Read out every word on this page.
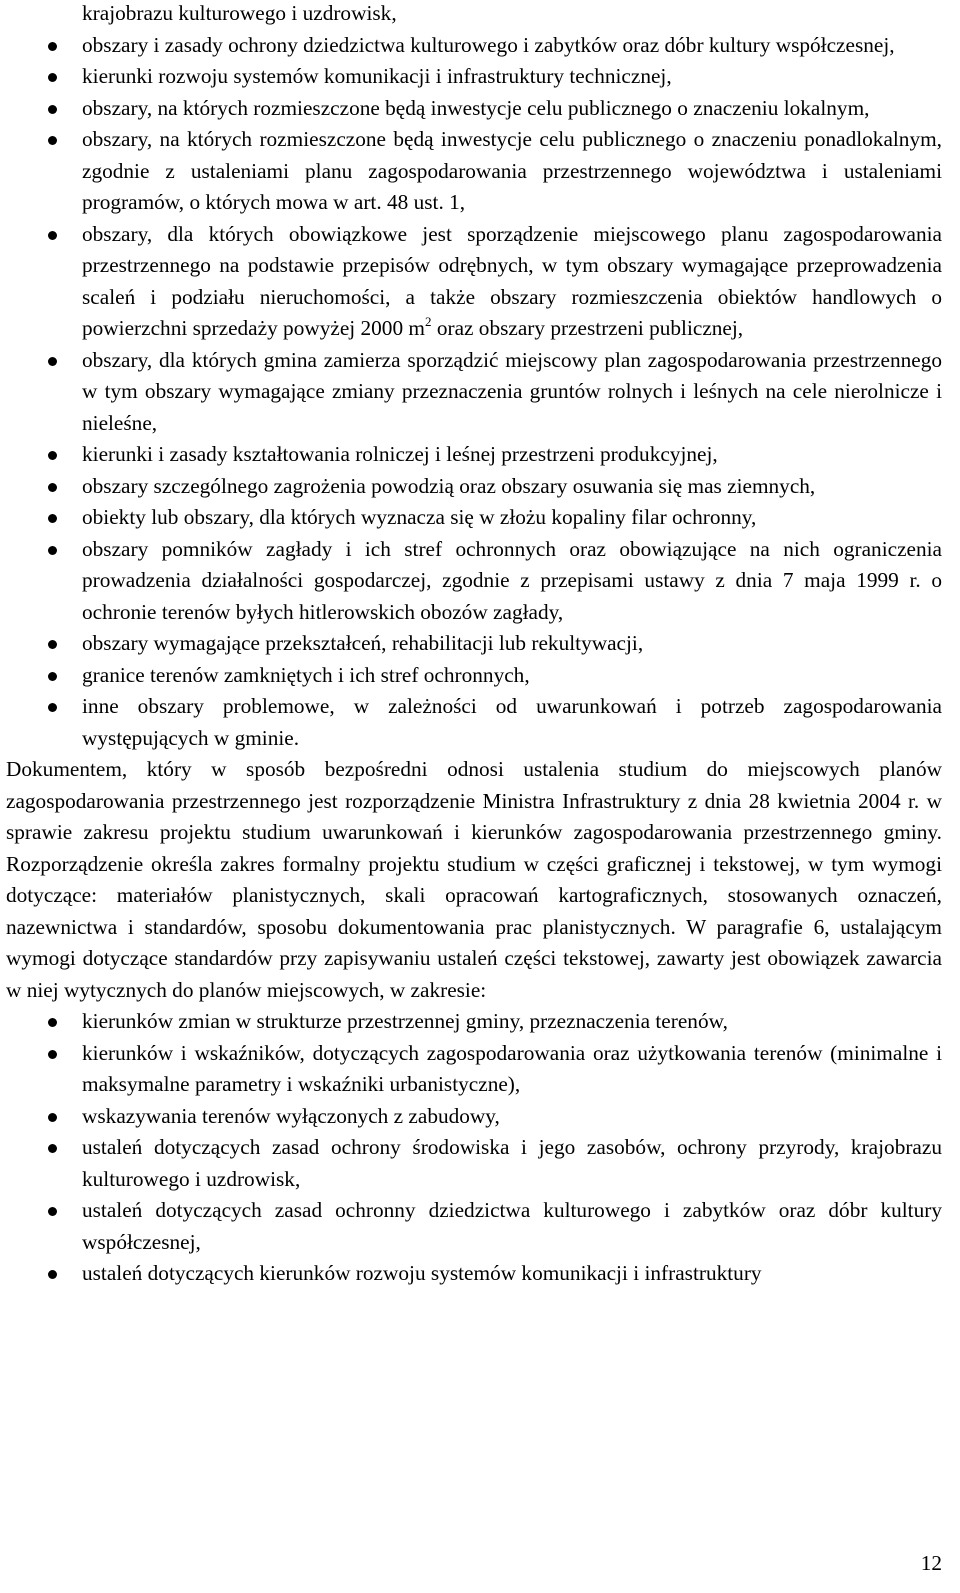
krajobrazu kulturowego i uzdrowisk,
obszary i zasady ochrony dziedzictwa kulturowego i zabytków oraz dóbr kultury współczesnej,
kierunki rozwoju systemów komunikacji i infrastruktury technicznej,
obszary, na których rozmieszczone będą inwestycje celu publicznego o znaczeniu lokalnym,
obszary, na których rozmieszczone będą inwestycje celu publicznego o znaczeniu ponadlokalnym, zgodnie z ustaleniami planu zagospodarowania przestrzennego województwa i ustaleniami programów, o których mowa w art. 48 ust. 1,
obszary, dla których obowiązkowe jest sporządzenie miejscowego planu zagospodarowania przestrzennego na podstawie przepisów odrębnych, w tym obszary wymagające przeprowadzenia scaleń i podziału nieruchomości, a także obszary rozmieszczenia obiektów handlowych o powierzchni sprzedaży powyżej 2000 $m^2$ oraz obszary przestrzeni publicznej,
obszary, dla których gmina zamierza sporządzić miejscowy plan zagospodarowania przestrzennego w tym obszary wymagające zmiany przeznaczenia gruntów rolnych i leśnych na cele nierolnicze i nieleśne,
kierunki i zasady kształtowania rolniczej i leśnej przestrzeni produkcyjnej,
obszary szczególnego zagrożenia powodzią oraz obszary osuwania się mas ziemnych,
obiekty lub obszary, dla których wyznacza się w złożu kopaliny filar ochronny,
obszary pomników zagłady i ich stref ochronnych oraz obowiązujące na nich ograniczenia prowadzenia działalności gospodarczej, zgodnie z przepisami ustawy z dnia 7 maja 1999 r. o ochronie terenów byłych hitlerowskich obozów zagłady,
obszary wymagające przekształceń, rehabilitacji lub rekultywacji,
granice terenów zamkniętych i ich stref ochronnych,
inne obszary problemowe, w zależności od uwarunkowań i potrzeb zagospodarowania występujących w gminie.

Dokumentem, który w sposób bezpośredni odnosi ustalenia studium do miejscowych planów zagospodarowania przestrzennego jest rozporządzenie Ministra Infrastruktury z dnia 28 kwietnia 2004 r. w sprawie zakresu projektu studium uwarunkowań i kierunków zagospodarowania przestrzennego gminy. Rozporządzenie określa zakres formalny projektu studium w części graficznej i tekstowej, w tym wymogi dotyczące: materiałów planistycznych, skali opracowań kartograficznych, stosowanych oznaczeń, nazewnictwa i standardów, sposobu dokumentowania prac planistycznych. W paragrafie 6, ustalającym wymogi dotyczące standardów przy zapisywaniu ustaleń części tekstowej, zawarty jest obowiązek zawarcia w niej wytycznych do planów miejscowych, w zakresie:

kierunków zmian w strukturze przestrzennej gminy, przeznaczenia terenów,
kierunków i wskaźników, dotyczących zagospodarowania oraz użytkowania terenów (minimalne i maksymalne parametry i wskaźniki urbanistyczne),
wskazywania terenów wyłączonych z zabudowy,
ustaleń dotyczących zasad ochrony środowiska i jego zasobów, ochrony przyrody, krajobrazu kulturowego i uzdrowisk,
ustaleń dotyczących zasad ochronny dziedzictwa kulturowego i zabytków oraz dóbr kultury współczesnej,
ustaleń dotyczących kierunków rozwoju systemów komunikacji i infrastruktury
12
